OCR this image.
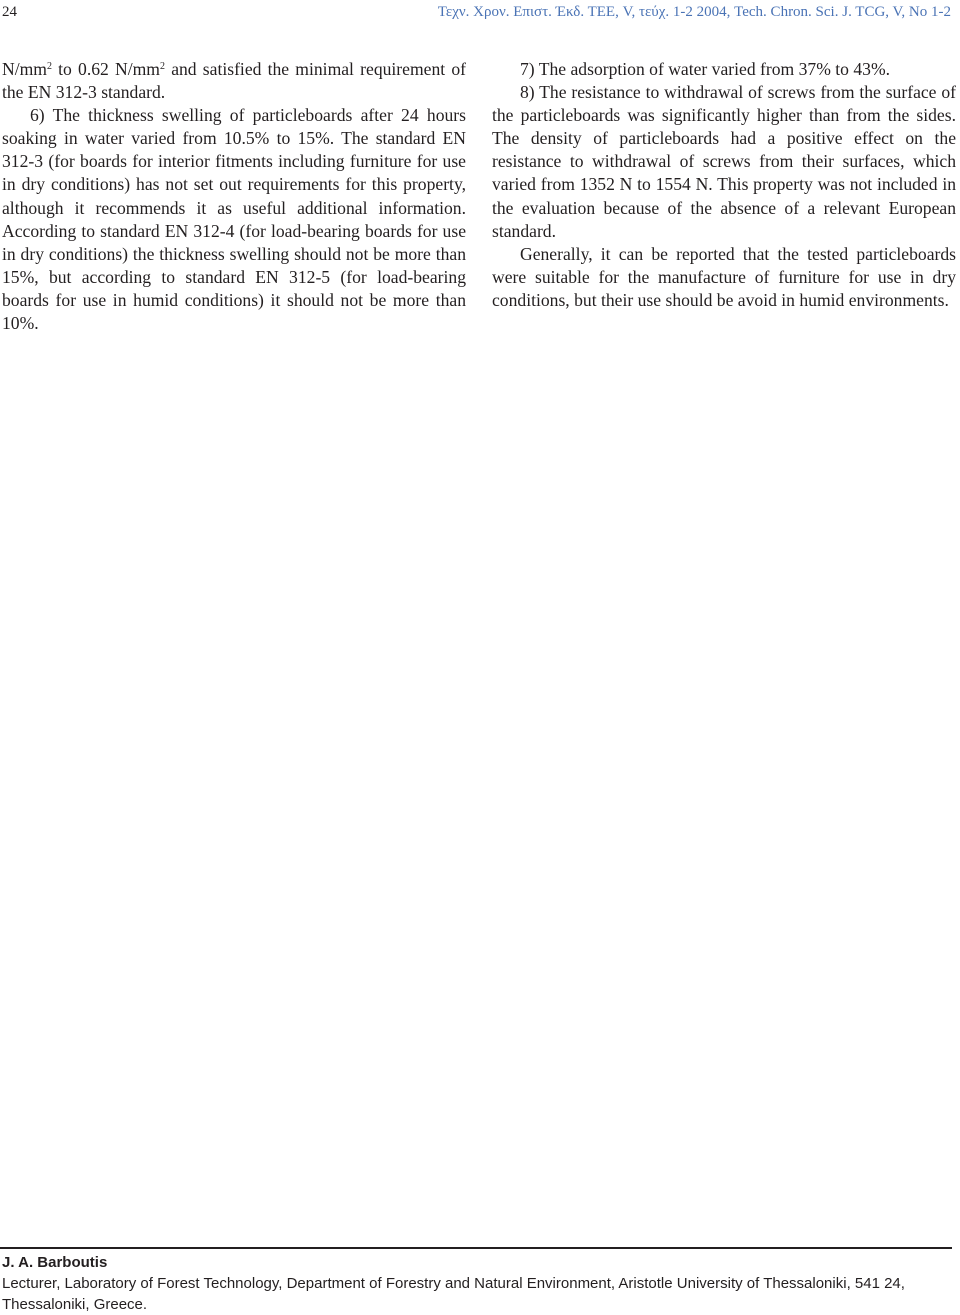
24	Τεχν. Χρον. Επιστ. Έκδ. ΤΕΕ, V, τεύχ. 1-2 2004, Tech. Chron. Sci. J. TCG, V, No 1-2

$N/mm^2$ to 0.62 $N/mm^2$ and satisfied the minimal requirement of the EN 312-3 standard.

6) The thickness swelling of particleboards after 24 hours soaking in water varied from 10.5% to 15%. The standard EN 312-3 (for boards for interior fitments including furniture for use in dry conditions) has not set out requirements for this property, although it recommends it as useful additional information. According to standard EN 312-4 (for load-bearing boards for use in dry conditions) the thickness swelling should not be more than 15%, but according to standard EN 312-5 (for load-bearing boards for use in humid conditions) it should not be more than 10%.

7) The adsorption of water varied from 37% to 43%.

8) The resistance to withdrawal of screws from the surface of the particleboards was significantly higher than from the sides. The density of particleboards had a positive effect on the resistance to withdrawal of screws from their surfaces, which varied from 1352 N to 1554 N. This property was not included in the evaluation because of the absence of a relevant European standard.

Generally, it can be reported that the tested particleboards were suitable for the manufacture of furniture for use in dry conditions, but their use should be avoid in humid environments.

J. A. Barboutis

Lecturer, Laboratory of Forest Technology, Department of Forestry and Natural Environment, Aristotle University of Thessaloniki, 541 24, Thessaloniki, Greece.
